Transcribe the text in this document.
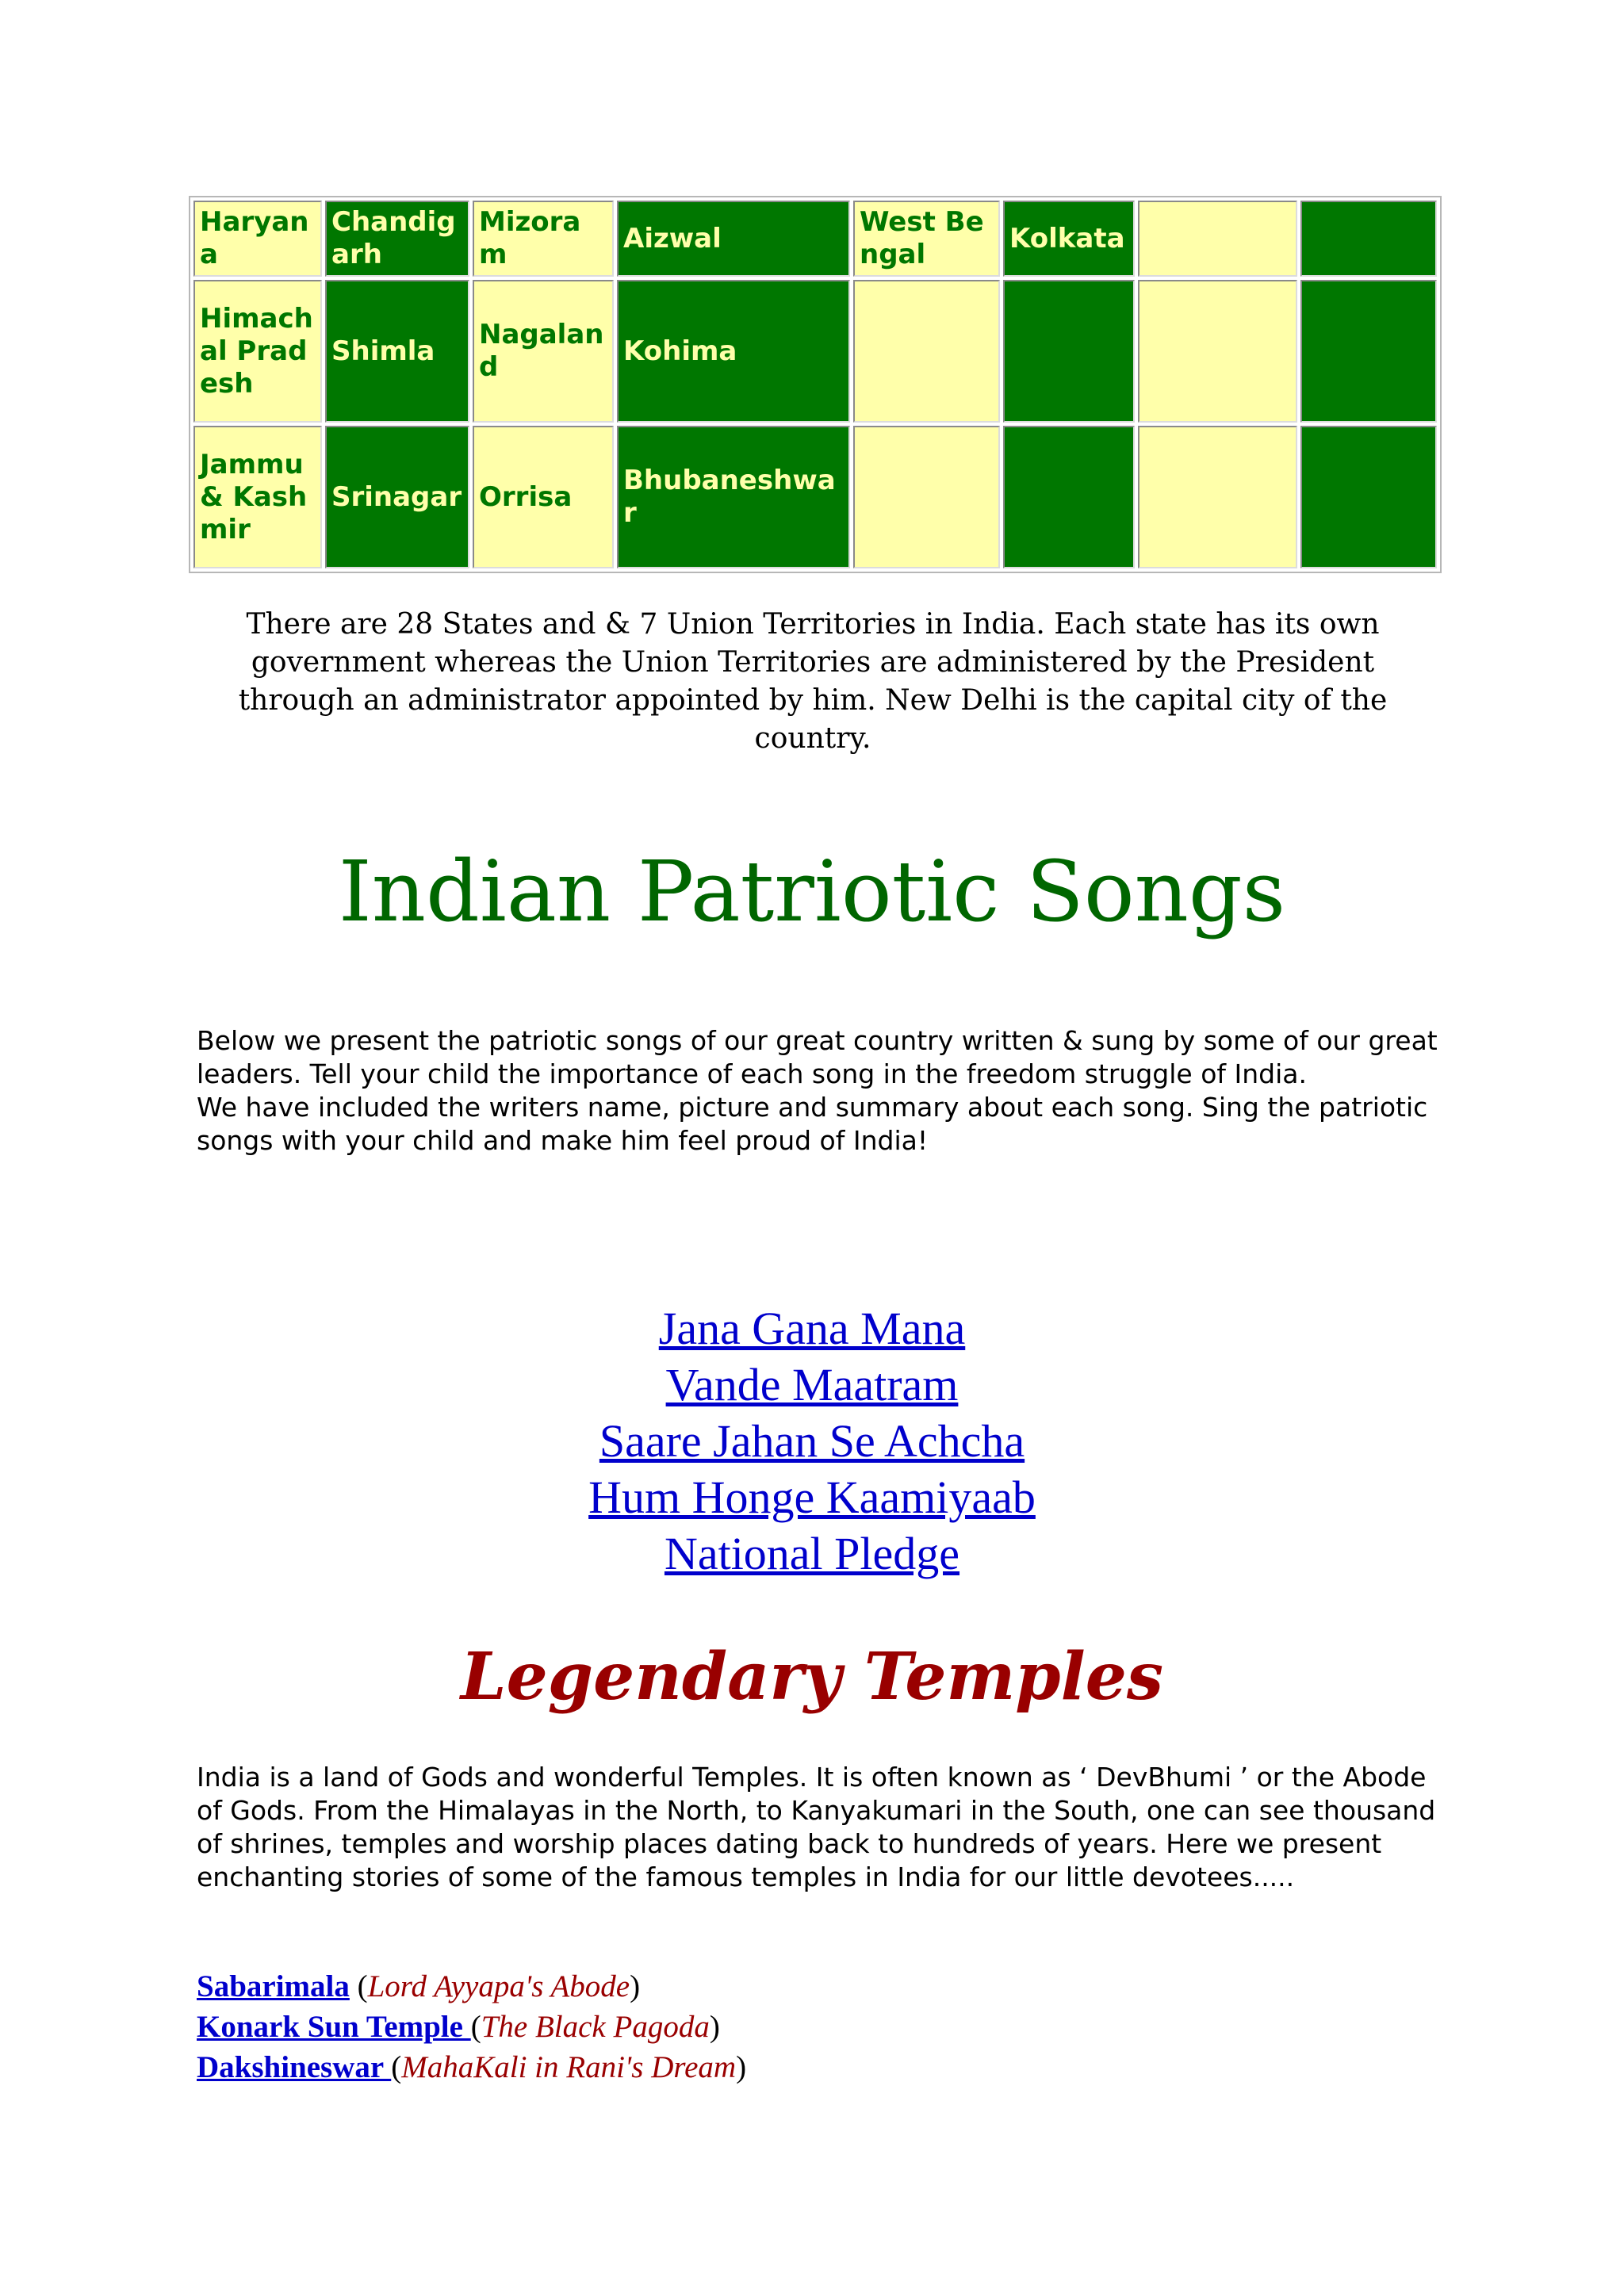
Haryana	Chandigarh	Mizoram	Aizwal	West Bengal	Kolkata		
Himachal Pradesh	Shimla	Nagaland	Kohima				
Jammu & Kashmir	Srinagar	Orrisa	Bhubaneshwar				

There are 28 States and & 7 Union Territories in India. Each state has its own government whereas the Union Territories are administered by the President through an administrator appointed by him. New Delhi is the capital city of the country.

Indian Patriotic Songs
Below we present the patriotic songs of our great country written & sung by some of our great leaders. Tell your child the importance of each song in the freedom struggle of India.
We have included the writers name, picture and summary about each song. Sing the patriotic songs with your child and make him feel proud of India!
Jana Gana Mana
Vande Maatram
Saare Jahan Se Achcha
Hum Honge Kaamiyaab
National Pledge
Legendary Temples
India is a land of Gods and wonderful Temples. It is often known as ‘ DevBhumi ’ or the Abode of Gods. From the Himalayas in the North, to Kanyakumari in the South, one can see thousand of shrines, temples and worship places dating back to hundreds of years. Here we present enchanting stories of some of the famous temples in India for our little devotees.....
Sabarimala (Lord Ayyapa's Abode)
Konark Sun Temple (The Black Pagoda)
Dakshineswar (MahaKali in Rani's Dream)
